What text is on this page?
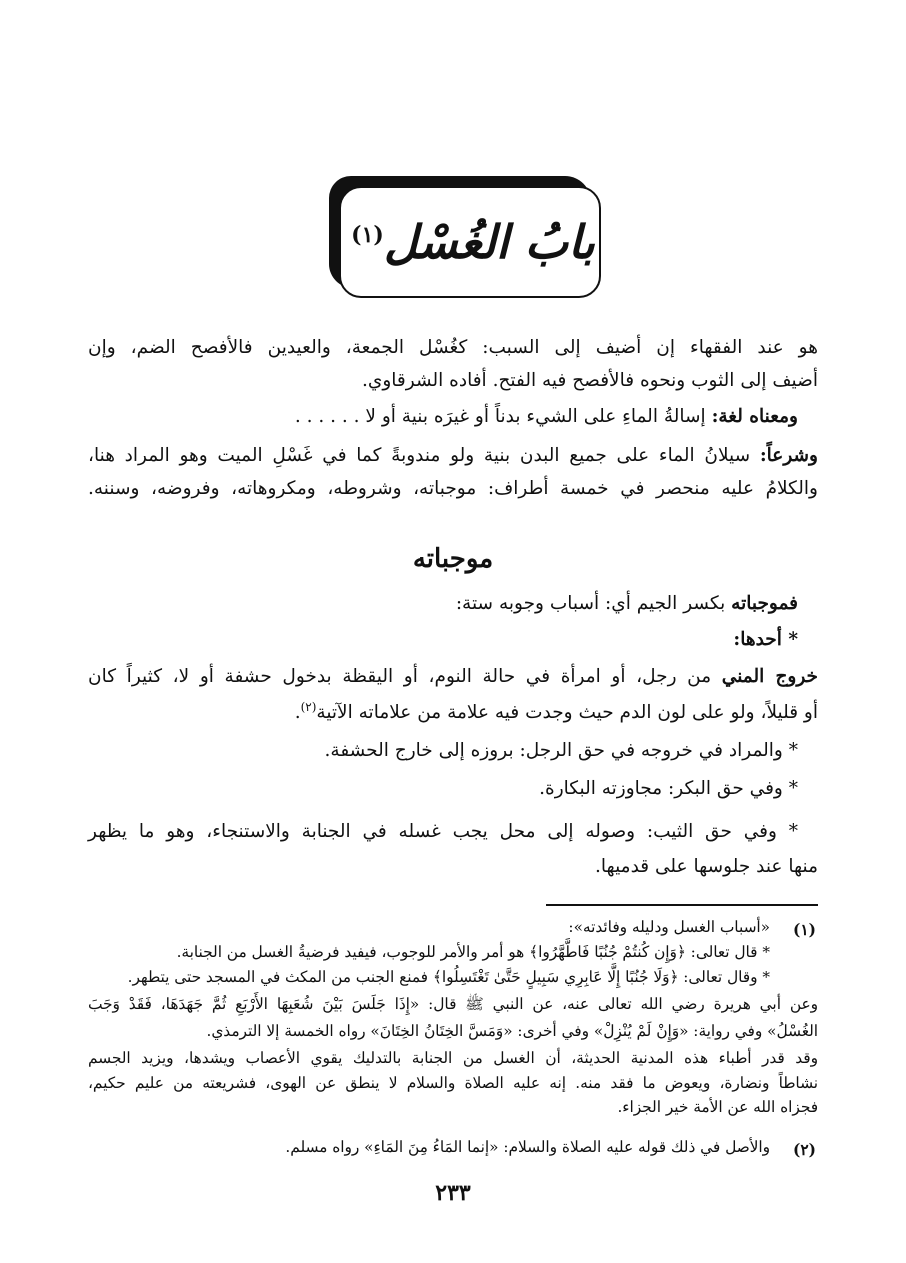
بابُ الغُسْل$^{(١)}$
هو عند الفقهاء إن أضيف إلى السبب: كغُسْل الجمعة، والعيدين فالأفصح الضم، وإن
أضيف إلى الثوب ونحوه فالأفصح فيه الفتح. أفاده الشرقاوي.
ومعناه لغة: إسالةُ الماءِ على الشيء بدناً أو غيرَه بنية أو لا . . . . . .
وشرعاً: سيلانُ الماء على جميع البدن بنية ولو مندوبةً كما في غَسْلِ الميت وهو المراد هنا،
والكلامُ عليه منحصر في خمسة أطراف: موجباته، وشروطه، ومكروهاته، وفروضه، وسننه.
موجباته
فموجباته بكسر الجيم أي: أسباب وجوبه ستة:
* أحدها:
خروج المني من رجل، أو امرأة في حالة النوم، أو اليقظة بدخول حشفة أو لا، كثيراً كان
أو قليلاً، ولو على لون الدم حيث وجدت فيه علامة من علاماته الآتية$^{(٢)}$.
* والمراد في خروجه في حق الرجل: بروزه إلى خارج الحشفة.
* وفي حق البكر: مجاوزته البكارة.
* وفي حق الثيب: وصوله إلى محل يجب غسله في الجنابة والاستنجاء، وهو ما يظهر
منها عند جلوسها على قدميها.
(١)
«أسباب الغسل ودليله وفائدته»:
* قال تعالى: ﴿وَإِن كُنتُمْ جُنُبًا فَاطَّهَّرُوا﴾ هو أمر والأمر للوجوب، فيفيد فرضيةُ الغسل من الجنابة.
* وقال تعالى: ﴿وَلَا جُنُبًا إِلَّا عَابِرِي سَبِيلٍ حَتَّىٰ تَغْتَسِلُوا﴾ فمنع الجنب من المكث في المسجد حتى يتطهر.
وعن أبي هريرة رضي الله تعالى عنه، عن النبي ﷺ قال: «إِذَا جَلَسَ بَيْنَ شُعَبِهَا الأَرْبَعِ ثُمَّ جَهَدَهَا، فَقَدْ وَجَبَ
الغُسْلُ» وفي رواية: «وَإِنْ لَمْ يُنْزِلْ» وفي أخرى: «وَمَسَّ الخِتَانُ الخِتَانَ» رواه الخمسة إلا الترمذي.
وقد قدر أطباء هذه المدنية الحديثة، أن الغسل من الجنابة بالتدليك يقوي الأعصاب ويشدها، ويزيد الجسم
نشاطاً ونضارة، ويعوض ما فقد منه. إنه عليه الصلاة والسلام لا ينطق عن الهوى، فشريعته من عليم حكيم،
فجزاه الله عن الأمة خير الجزاء.
(٢)
والأصل في ذلك قوله عليه الصلاة والسلام: «إنما المَاءُ مِنَ المَاءِ» رواه مسلم.
٢٣٣
